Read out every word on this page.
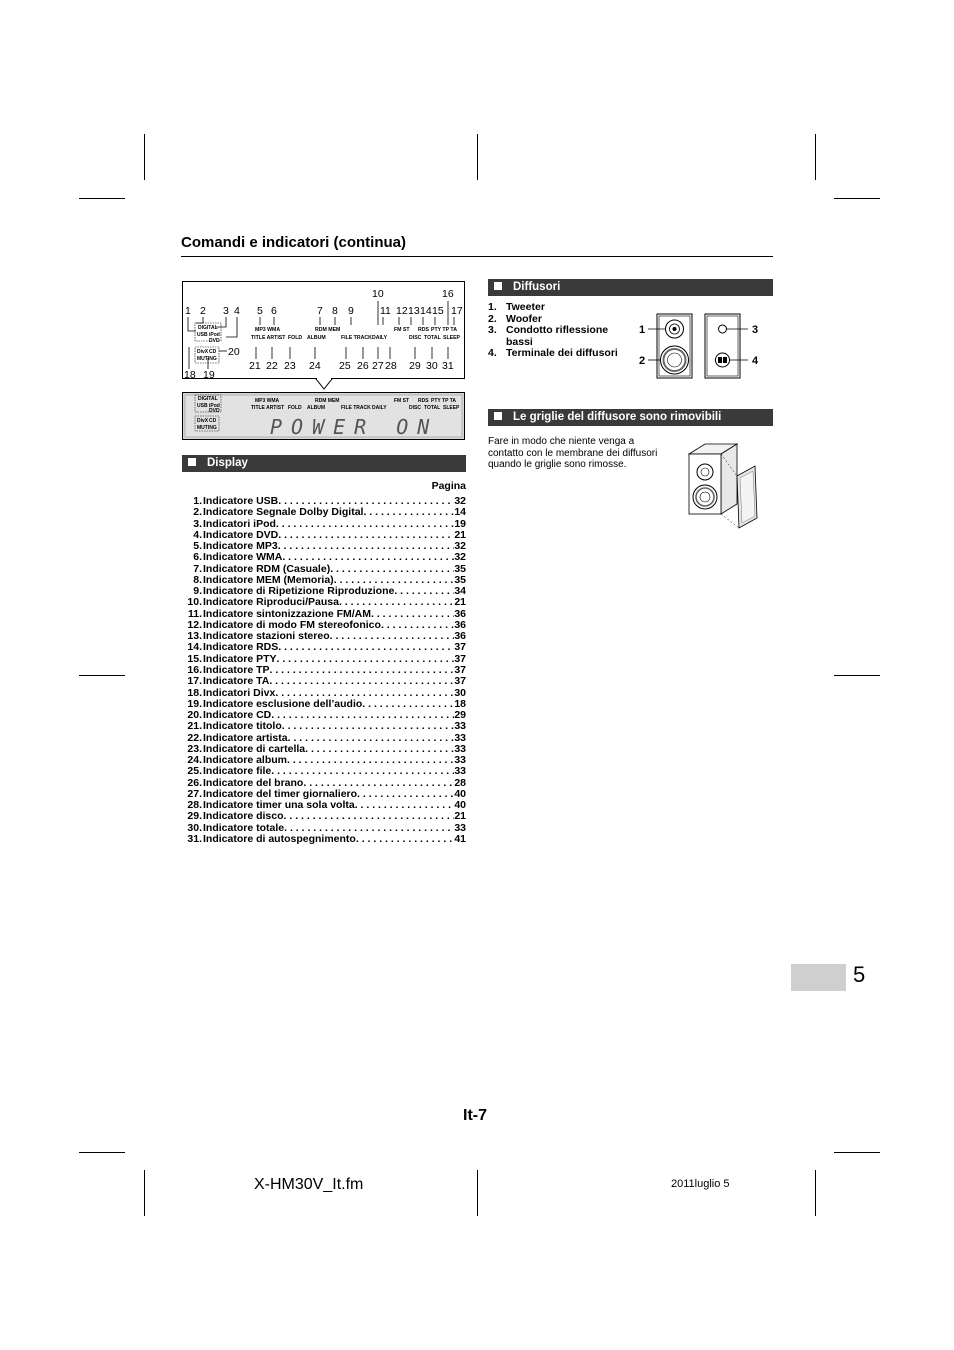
Comandi e indicatori (continua)
1 2 3 4 5 6	7 8 9
10
11 12 13 14 15
16
17
DIGITAL
USB iPod
DVD
DivX CD
MUTING
MP3 WMA
TITLE ARTIST FOLD ALBUM
RDM MEM
FILE TRACK DAILY
FM ST RDS PTY TP TA
DISC TOTAL SLEEP
18 19
20
21 22 23 24 25 26 27 28 29 30 31
DIGITAL
USB iPod
DVD
DivX CD
MUTING
MP3 WMA
TITLE ARTIST FOLD ALBUM
RDM MEM
FILE TRACK DAILY
FM ST RDS PTY TP TA
DISC TOTAL SLEEP
POWER ON
Display
Pagina
1. Indicatore USB . . .	32
2. Indicatore Segnale Dolby Digital . . .	14
3. Indicatori iPod . . .	19
4. Indicatore DVD . . .	21
5. Indicatore MP3 . . .	32
6. Indicatore WMA . . .	32
7. Indicatore RDM (Casuale) . . .	35
8. Indicatore MEM (Memoria) . . .	35
9. Indicatore di Ripetizione Riproduzione . . .	34
10. Indicatore Riproduci/Pausa . . .	21
11. Indicatore sintonizzazione FM/AM . . .	36
12. Indicatore di modo FM stereofonico . . .	36
13. Indicatore stazioni stereo . . .	36
14. Indicatore RDS . . .	37
15. Indicatore PTY . . .	37
16. Indicatore TP . . .	37
17. Indicatore TA . . .	37
18. Indicatori Divx . . .	30
19. Indicatore esclusione dell’audio . . .	18
20. Indicatore CD . . .	29
21. Indicatore titolo . . .	33
22. Indicatore artista . . .	33
23. Indicatore di cartella . . .	33
24. Indicatore album . . .	33
25. Indicatore file . . .	33
26. Indicatore del brano . . .	28
27. Indicatore del timer giornaliero . . .	40
28. Indicatore timer una sola volta . . .	40
29. Indicatore disco . . .	21
30. Indicatore totale . . .	33
31. Indicatore di autospegnimento . . .	41
Diffusori
1. Tweeter
2. Woofer
3. Condotto riflessione bassi
4. Terminale dei diffusori
1
2
3
4
Le griglie del diffusore sono rimovibili
Fare in modo che niente venga a contatto con le membrane dei diffusori quando le griglie sono rimosse.
5
It-7
X-HM30V_It.fm	2011luglio 5
